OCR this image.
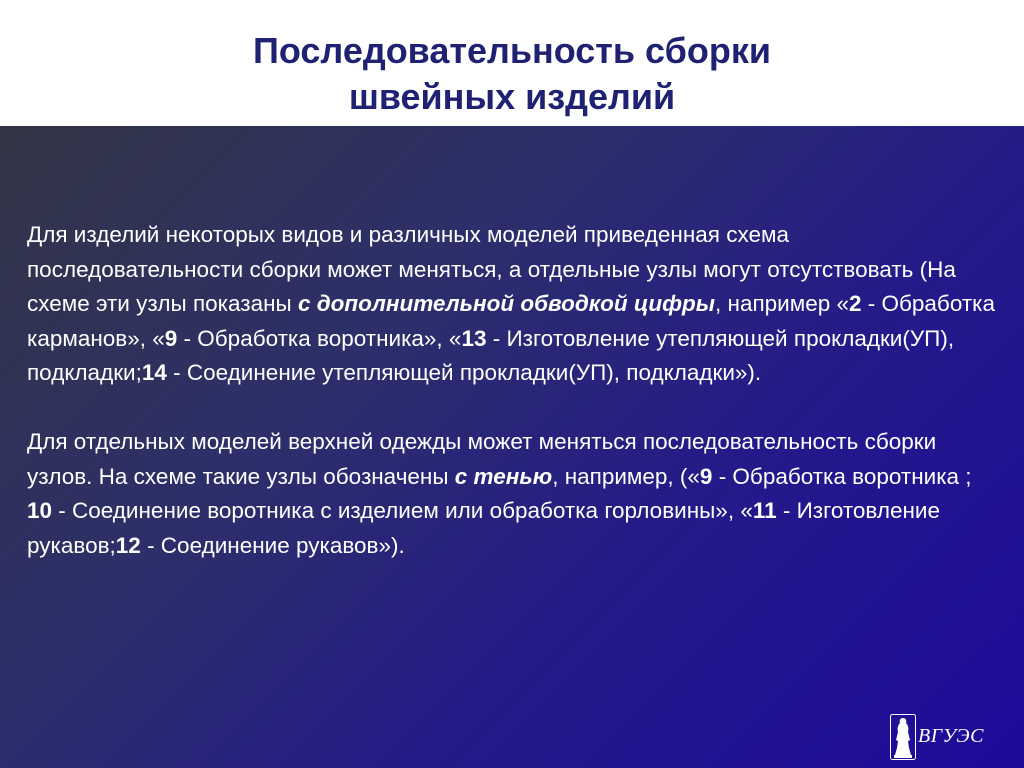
Последовательность сборки
швейных изделий

Для изделий некоторых видов и различных моделей приведенная схема последовательности сборки может меняться, а отдельные узлы могут отсутствовать (На схеме эти узлы показаны с дополнительной обводкой цифры, например «2 - Обработка карманов», «9 - Обработка воротника», «13 - Изготовление утепляющей прокладки(УП), подкладки;14 - Соединение утепляющей прокладки(УП), подкладки»).

Для отдельных моделей верхней одежды может меняться последовательность сборки узлов. На схеме такие узлы обозначены с тенью, например, («9 - Обработка воротника ; 10 - Соединение воротника с изделием или обработка горловины», «11 - Изготовление рукавов;12 - Соединение рукавов»).

ВГУЭС
